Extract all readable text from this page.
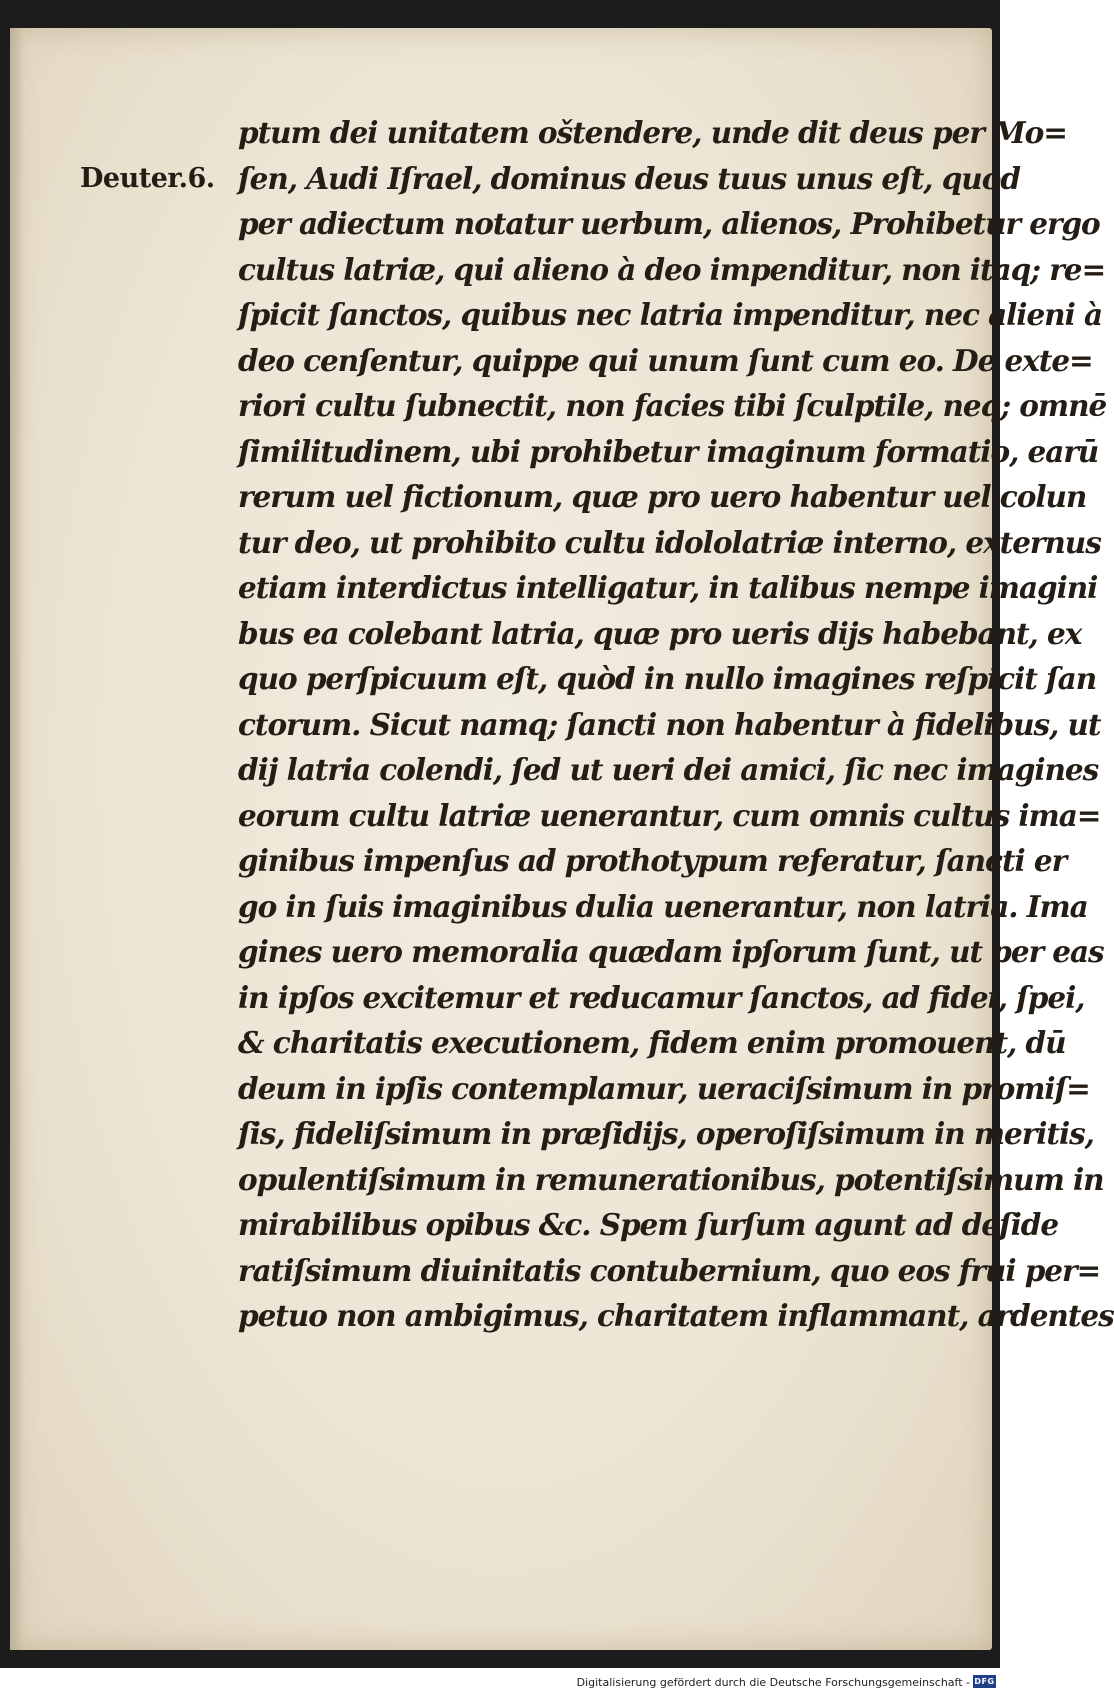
Deuter.6.
ptum dei unitatem oštendere, unde dit deus per Mo=
ſen, Audi Iſrael, dominus deus tuus unus eſt, quod
per adiectum notatur uerbum, alienos, Prohibetur ergo
cultus latriæ, qui alieno à deo impenditur, non itaq; re=
ſpicit ſanctos, quibus nec latria impenditur, nec alieni à
deo cenſentur, quippe qui unum ſunt cum eo. De exte=
riori cultu ſubnectit, non facies tibi ſculptile, neq; omnē
ſimilitudinem, ubi prohibetur imaginum formatio, earū
rerum uel fictionum, quæ pro uero habentur uel colun
tur deo, ut prohibito cultu idololatriæ interno, externus
etiam interdictus intelligatur, in talibus nempe imagini
bus ea colebant latria, quæ pro ueris dijs habebant, ex
quo perſpicuum eſt, quòd in nullo imagines reſpicit ſan
ctorum. Sicut namq; ſancti non habentur à fidelibus, ut
dij latria colendi, ſed ut ueri dei amici, ſic nec imagines
eorum cultu latriæ uenerantur, cum omnis cultus ima=
ginibus impenſus ad prothotypum referatur, ſancti er
go in ſuis imaginibus dulia uenerantur, non latria. Ima
gines uero memoralia quædam ipſorum ſunt, ut per eas
in ipſos excitemur et reducamur ſanctos, ad fidei, ſpei,
& charitatis executionem, fidem enim promouent, dū
deum in ipſis contemplamur, ueraciſsimum in promiſ=
ſis, fideliſsimum in præſidijs, operoſiſsimum in meritis,
opulentiſsimum in remunerationibus, potentiſsimum in
mirabilibus opibus &c. Spem ſurſum agunt ad deſide
ratiſsimum diuinitatis contubernium, quo eos frui per=
petuo non ambigimus, charitatem inflammant, ardentes
Digitalisierung gefördert durch die Deutsche Forschungsgemeinschaft - DFG
